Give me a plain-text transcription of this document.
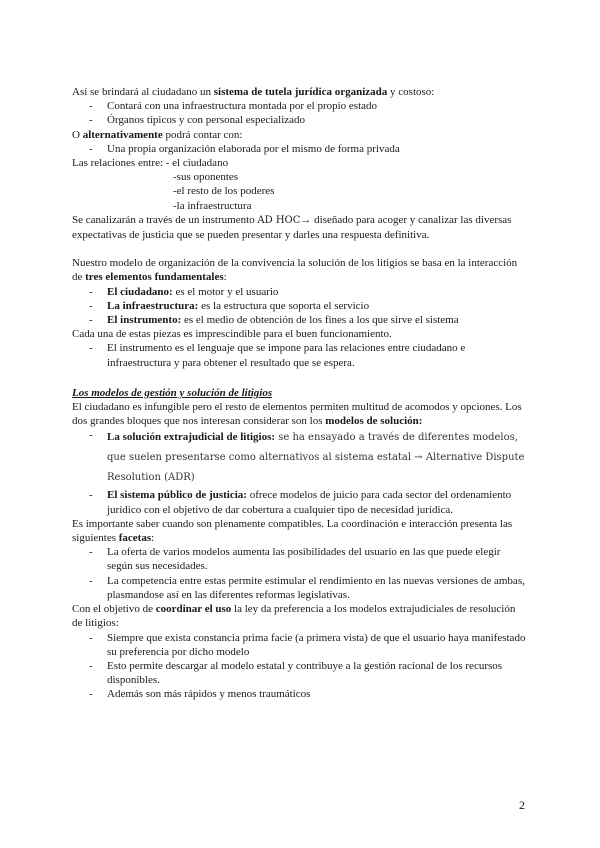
Así se brindará al ciudadano un sistema de tutela jurídica organizada y costoso:

- Contará con una infraestructura montada por el propio estado
- Órganos típicos y con personal especializado

O alternativamente podrá contar con:

- Una propia organización elaborada por el mismo de forma privada
Las relaciones entre: - el ciudadano
-sus oponentes
-el resto de los poderes
-la infraestructura

Se canalizarán a través de un instrumento AD HOC→ diseñado para acoger y canalizar las diversas expectativas de justicia que se pueden presentar y darles una respuesta definitiva.

Nuestro modelo de organización de la convivencia la solución de los litigios se basa en la interacción de tres elementos fundamentales:

- El ciudadano: es el motor y el usuario
- La infraestructura: es la estructura que soporta el servicio
- El instrumento: es el medio de obtención de los fines a los que sirve el sistema

Cada una de estas piezas es imprescindible para el buen funcionamiento.

- El instrumento es el lenguaje que se impone para las relaciones entre ciudadano e infraestructura y para obtener el resultado que se espera.

Los modelos de gestión y solución de litigios

El ciudadano es infungible pero el resto de elementos permiten multitud de acomodos y opciones. Los dos grandes bloques que nos interesan considerar son los modelos de solución:

- La solución extrajudicial de litigios: se ha ensayado a través de diferentes modelos, que suelen presentarse como alternativos al sistema estatal → Alternative Dispute Resolution (ADR)
- El sistema público de justicia: ofrece modelos de juicio para cada sector del ordenamiento jurídico con el objetivo de dar cobertura a cualquier tipo de necesidad jurídica.

Es importante saber cuando son plenamente compatibles. La coordinación e interacción presenta las siguientes facetas:

- La oferta de varios modelos aumenta las posibilidades del usuario en las que puede elegir según sus necesidades.
- La competencia entre estas permite estimular el rendimiento en las nuevas versiones de ambas, plasmandose así en las diferentes reformas legislativas.

Con el objetivo de coordinar el uso la ley da preferencia a los modelos extrajudiciales de resolución de litigios:

- Siempre que exista constancia prima facie (a primera vista) de que el usuario haya manifestado su preferencia por dicho modelo
- Esto permite descargar al modelo estatal y contribuye a la gestión racional de los recursos disponibles.
- Además son más rápidos y menos traumáticos
2
